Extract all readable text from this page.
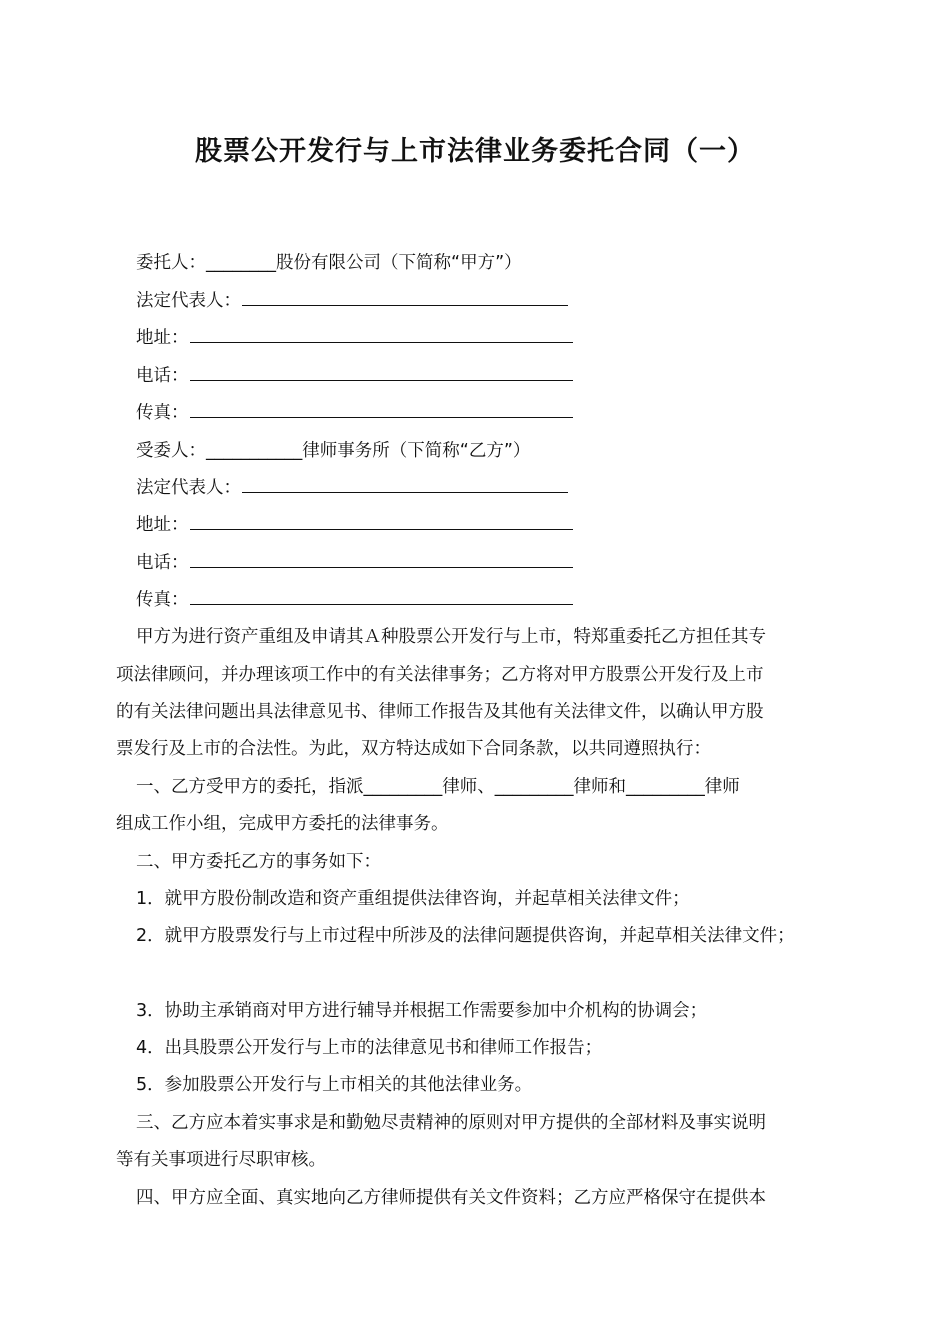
股票公开发行与上市法律业务委托合同（一）
委托人：________股份有限公司（下简称“甲方”）
法定代表人：
地址：
电话：
传真：
受委人：___________律师事务所（下简称“乙方”）
法定代表人：
地址：
电话：
传真：
甲方为进行资产重组及申请其Ａ种股票公开发行与上市，特郑重委托乙方担任其专
项法律顾问，并办理该项工作中的有关法律事务；乙方将对甲方股票公开发行及上市
的有关法律问题出具法律意见书、律师工作报告及其他有关法律文件，以确认甲方股
票发行及上市的合法性。为此，双方特达成如下合同条款，以共同遵照执行：
一、乙方受甲方的委托，指派_________律师、_________律师和_________律师
组成工作小组，完成甲方委托的法律事务。
二、甲方委托乙方的事务如下：
1．就甲方股份制改造和资产重组提供法律咨询，并起草相关法律文件；
2．就甲方股票发行与上市过程中所涉及的法律问题提供咨询，并起草相关法律文件；
3．协助主承销商对甲方进行辅导并根据工作需要参加中介机构的协调会；
4．出具股票公开发行与上市的法律意见书和律师工作报告；
5．参加股票公开发行与上市相关的其他法律业务。
三、乙方应本着实事求是和勤勉尽责精神的原则对甲方提供的全部材料及事实说明
等有关事项进行尽职审核。
四、甲方应全面、真实地向乙方律师提供有关文件资料；乙方应严格保守在提供本
